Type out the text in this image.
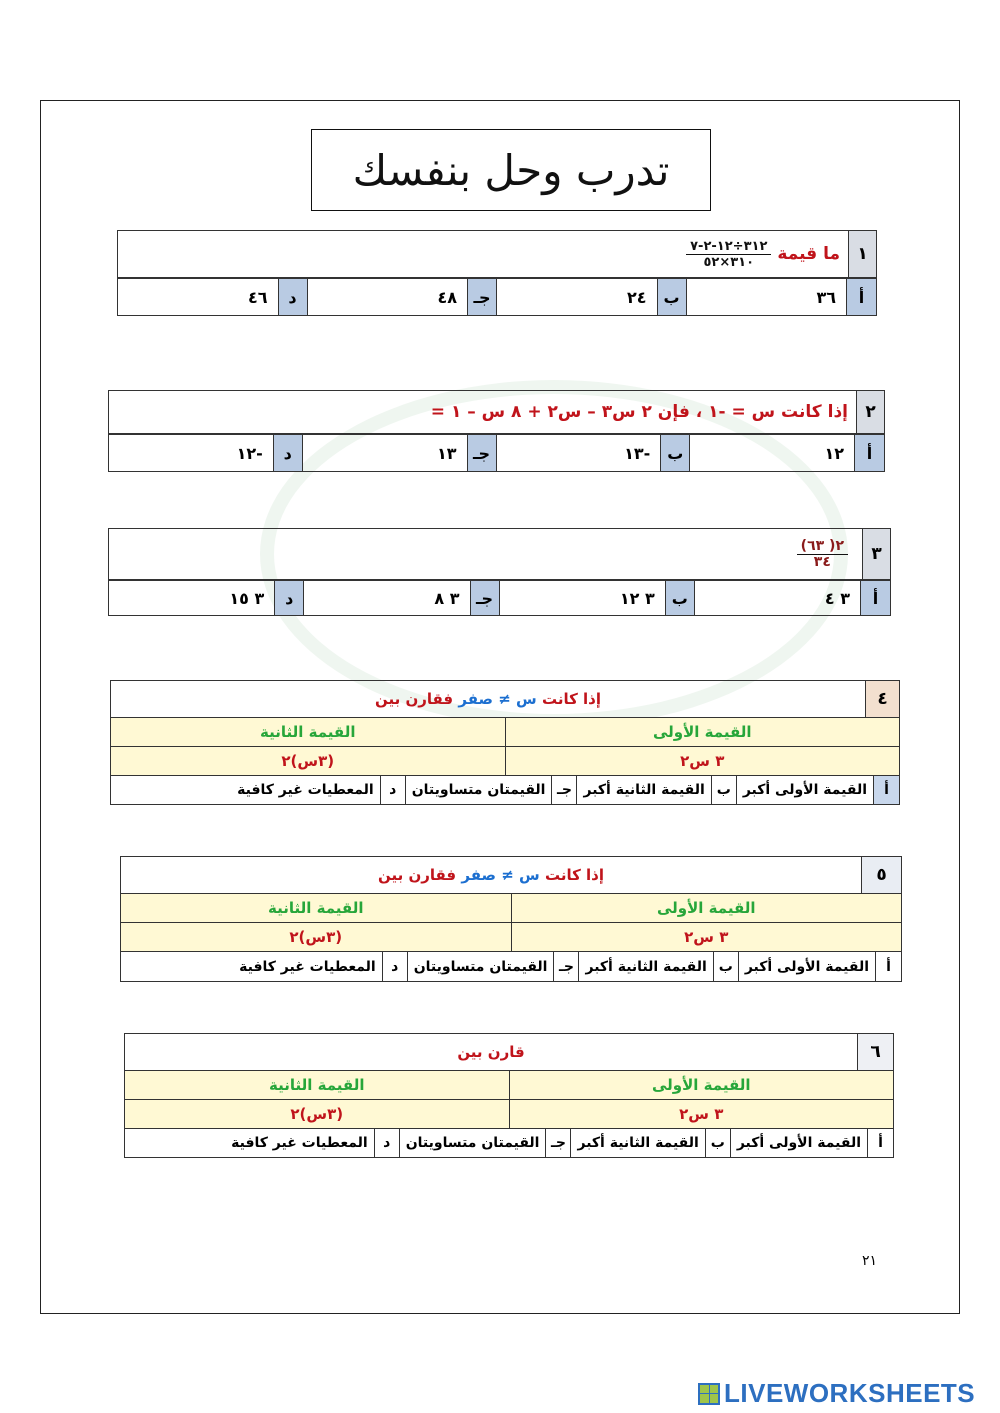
تدرب وحل بنفسك
١
ما قيمة
$\frac{٣١٢\div ١٢-٢-٧}{٣١٠\times ٥٢}$
أ
٣٦
ب
٢٤
جـ
٤٨
د
٤٦
٢
إذا كانت س = -١ ، فإن ٢ س٣ – س٢ + ٨ س – ١ =
أ
١٢
ب
-١٣
جـ
١٣
د
-١٢
٣
$\frac{٢( ٦٣)}{٣٤}$
أ
٣ ٤
ب
٣ ١٢
جـ
٣ ٨
د
٣ ١٥
٤
إذا كانت

س ≠ صفر

فقارن بين
القيمة الأولى
القيمة الثانية
٣ س٢
(٣س)٢
أ
القيمة الأولى أكبر
ب
القيمة الثانية أكبر
جـ
القيمتان متساويتان
د
المعطيات غير كافية
٥
إذا كانت

س ≠ صفر

فقارن بين
القيمة الأولى
القيمة الثانية
٣ س٢
(٣س)٢
أ
القيمة الأولى أكبر
ب
القيمة الثانية أكبر
جـ
القيمتان متساويتان
د
المعطيات غير كافية
٦
قارن بين
القيمة الأولى
القيمة الثانية
٣ س٢
(٣س)٢
أ
القيمة الأولى أكبر
ب
القيمة الثانية أكبر
جـ
القيمتان متساويتان
د
المعطيات غير كافية
٢١
LIVEWORKSHEETS
